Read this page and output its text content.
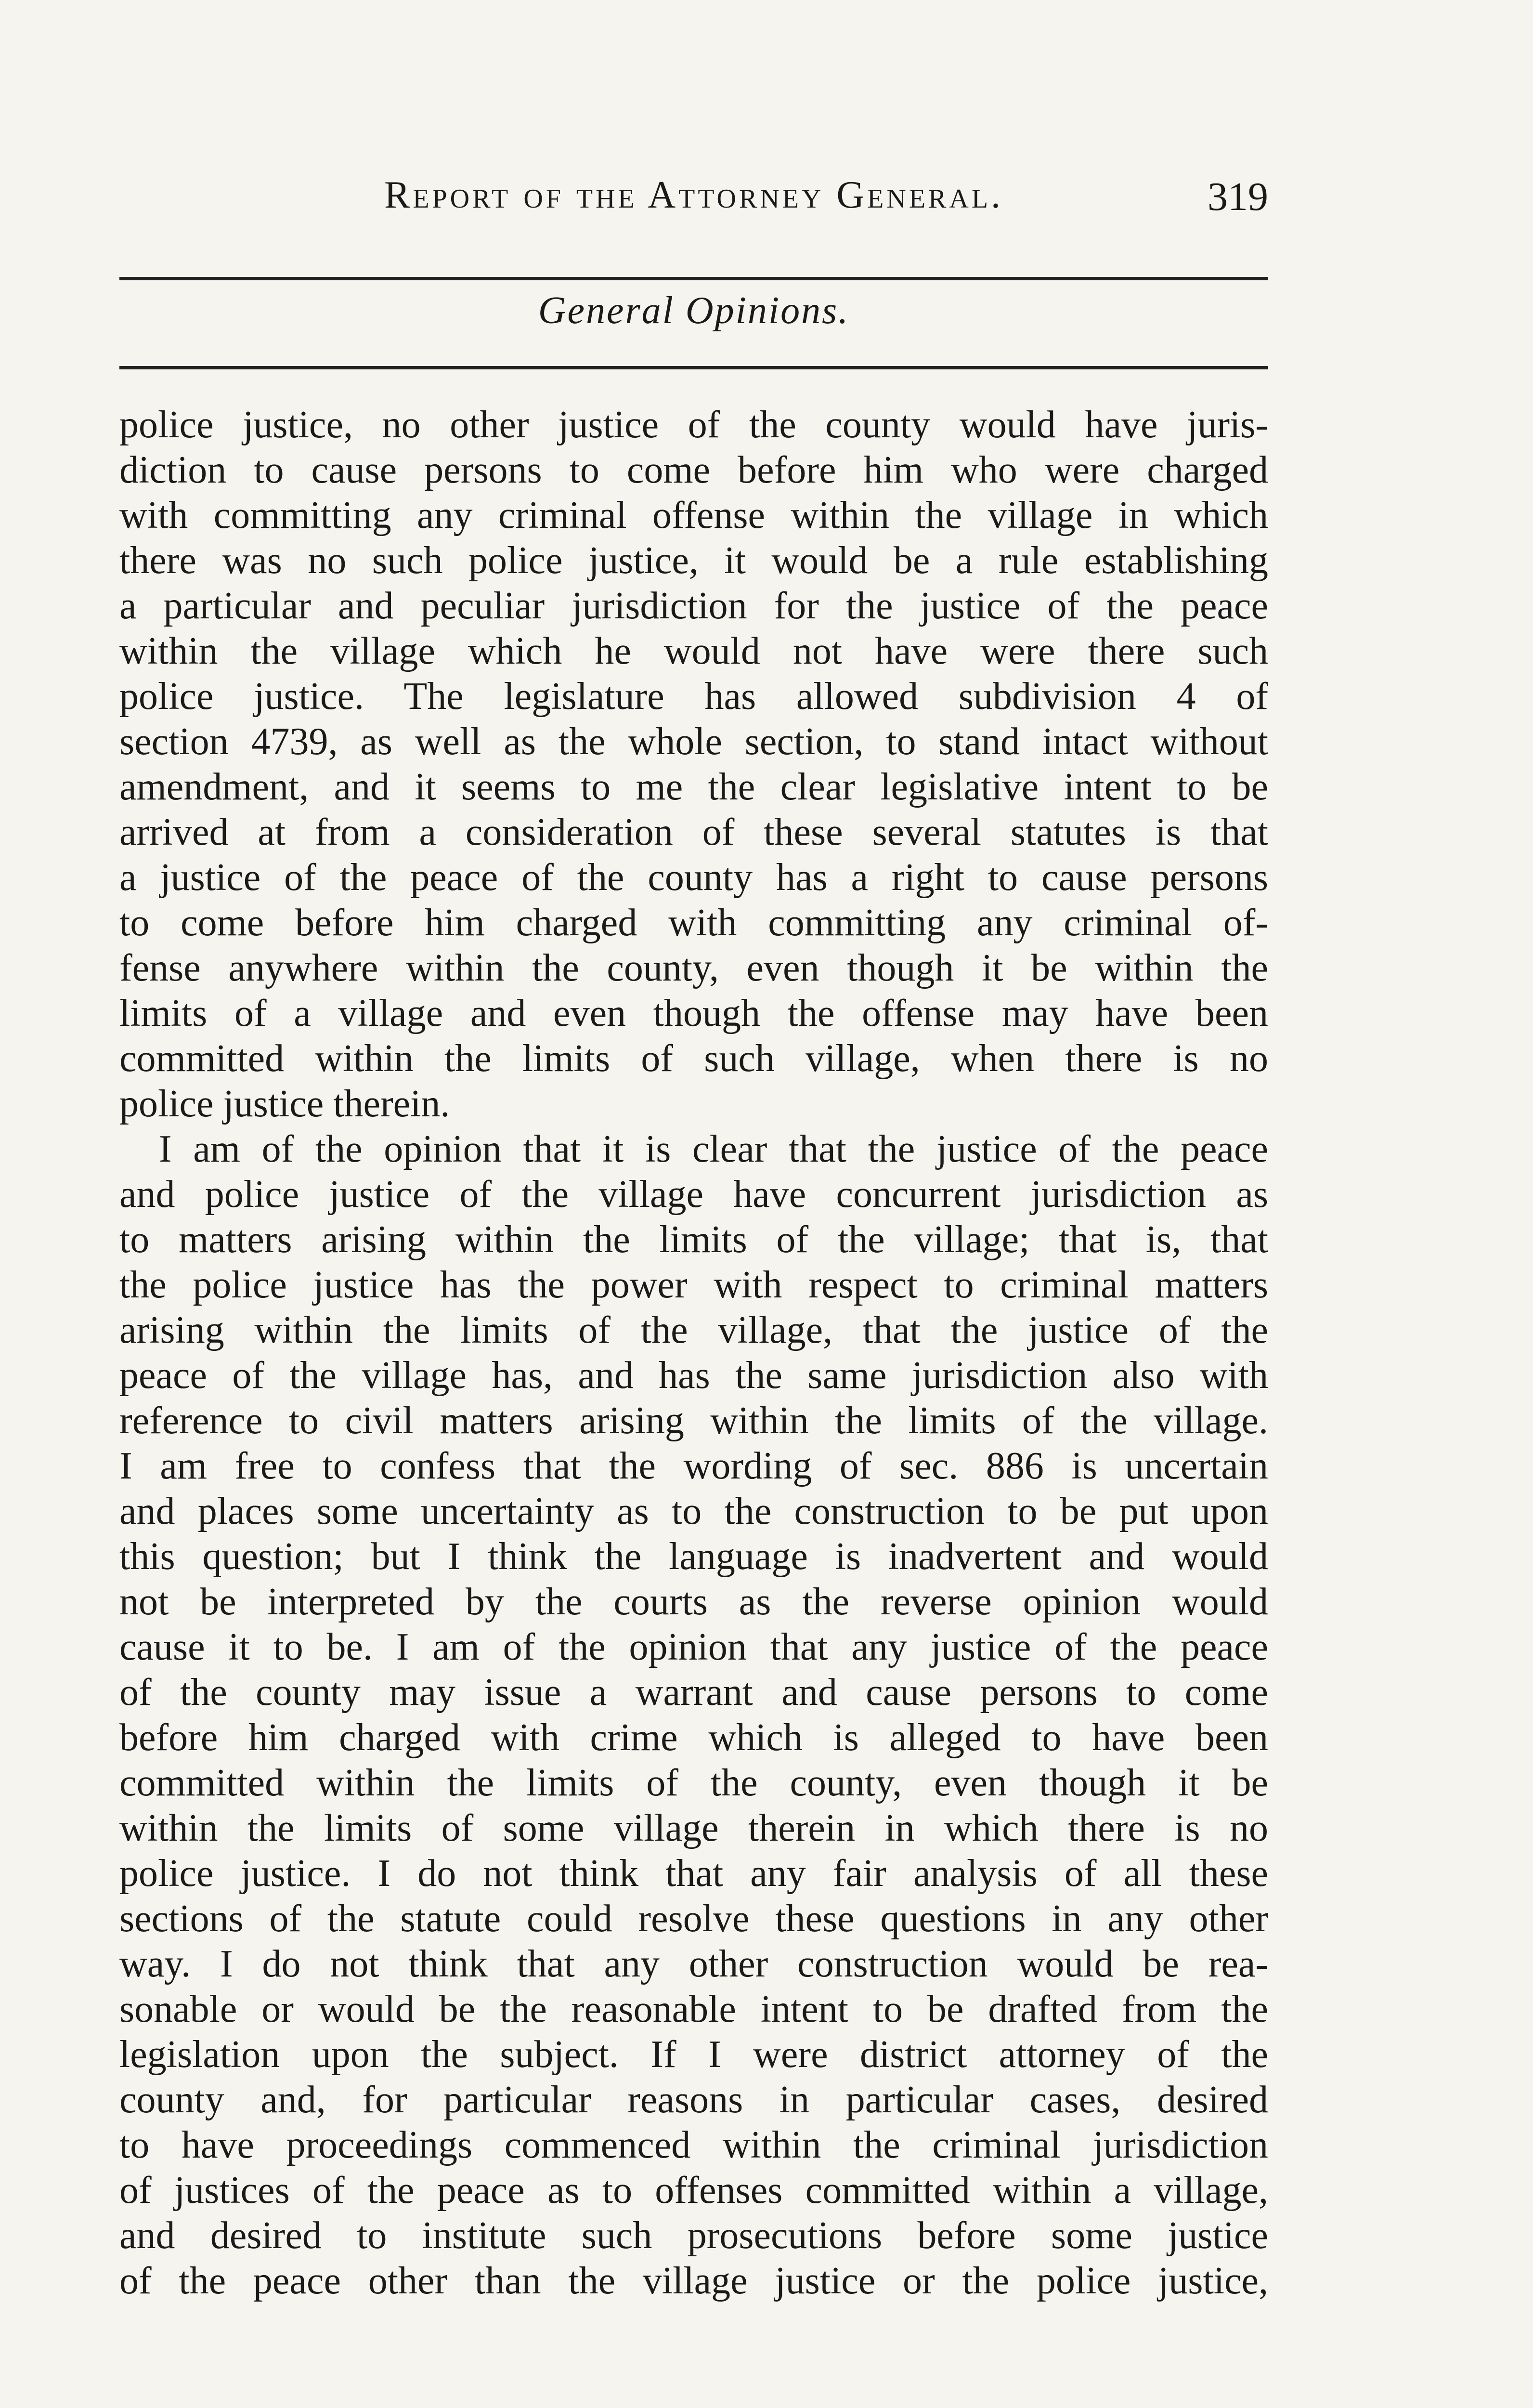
Report of the Attorney General.	319
General Opinions.
police justice, no other justice of the county would have juris-
diction to cause persons to come before him who were charged
with committing any criminal offense within the village in which
there was no such police justice, it would be a rule establishing
a particular and peculiar jurisdiction for the justice of the peace
within the village which he would not have were there such
police justice. The legislature has allowed subdivision 4 of
section 4739, as well as the whole section, to stand intact without
amendment, and it seems to me the clear legislative intent to be
arrived at from a consideration of these several statutes is that
a justice of the peace of the county has a right to cause persons
to come before him charged with committing any criminal of-
fense anywhere within the county, even though it be within the
limits of a village and even though the offense may have been
committed within the limits of such village, when there is no
police justice therein.
I am of the opinion that it is clear that the justice of the peace
and police justice of the village have concurrent jurisdiction as
to matters arising within the limits of the village; that is, that
the police justice has the power with respect to criminal matters
arising within the limits of the village, that the justice of the
peace of the village has, and has the same jurisdiction also with
reference to civil matters arising within the limits of the village.
I am free to confess that the wording of sec. 886 is uncertain
and places some uncertainty as to the construction to be put upon
this question; but I think the language is inadvertent and would
not be interpreted by the courts as the reverse opinion would
cause it to be. I am of the opinion that any justice of the peace
of the county may issue a warrant and cause persons to come
before him charged with crime which is alleged to have been
committed within the limits of the county, even though it be
within the limits of some village therein in which there is no
police justice. I do not think that any fair analysis of all these
sections of the statute could resolve these questions in any other
way. I do not think that any other construction would be rea-
sonable or would be the reasonable intent to be drafted from the
legislation upon the subject. If I were district attorney of the
county and, for particular reasons in particular cases, desired
to have proceedings commenced within the criminal jurisdiction
of justices of the peace as to offenses committed within a village,
and desired to institute such prosecutions before some justice
of the peace other than the village justice or the police justice,
